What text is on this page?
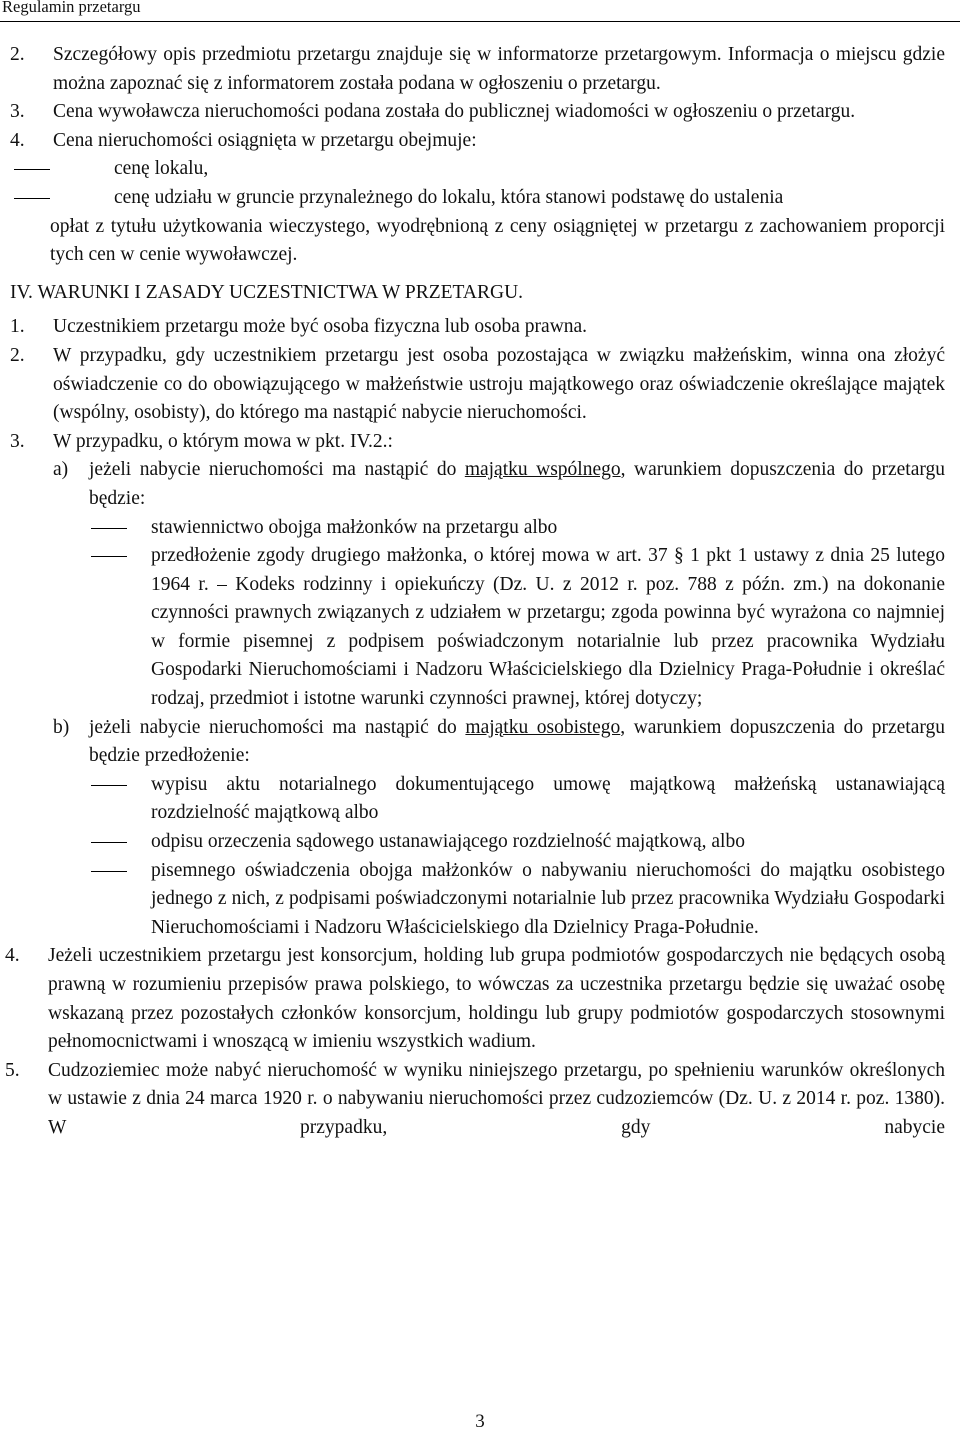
Regulamin przetargu

2. Szczegółowy opis przedmiotu przetargu znajduje się w informatorze przetargowym. Informacja o miejscu gdzie można zapoznać się z informatorem została podana w ogłoszeniu o przetargu.

3. Cena wywoławcza nieruchomości podana została do publicznej wiadomości w ogłoszeniu o przetargu.

4. Cena nieruchomości osiągnięta w przetargu obejmuje:

cenę lokalu,

cenę udziału w gruncie przynależnego do lokalu, która stanowi podstawę do ustalenia

opłat z tytułu użytkowania wieczystego, wyodrębnioną z ceny osiągniętej w przetargu z zachowaniem proporcji tych cen w cenie wywoławczej.

IV. WARUNKI I ZASADY UCZESTNICTWA W PRZETARGU.

1. Uczestnikiem przetargu może być osoba fizyczna lub osoba prawna.

2. W przypadku, gdy uczestnikiem przetargu jest osoba pozostająca w związku małżeńskim, winna ona złożyć oświadczenie co do obowiązującego w małżeństwie ustroju majątkowego oraz oświadczenie określające majątek (wspólny, osobisty), do którego ma nastąpić nabycie nieruchomości.

3. W przypadku, o którym mowa w pkt. IV.2.:

a) jeżeli nabycie nieruchomości ma nastąpić do majątku wspólnego, warunkiem dopuszczenia do przetargu będzie:

stawiennictwo obojga małżonków na przetargu albo

przedłożenie zgody drugiego małżonka, o której mowa w art. 37 § 1 pkt 1 ustawy z dnia 25 lutego 1964 r. – Kodeks rodzinny i opiekuńczy (Dz. U. z 2012 r. poz. 788 z późn. zm.) na dokonanie czynności prawnych związanych z udziałem w przetargu; zgoda powinna być wyrażona co najmniej w formie pisemnej z podpisem poświadczonym notarialnie lub przez pracownika Wydziału Gospodarki Nieruchomościami i Nadzoru Właścicielskiego dla Dzielnicy Praga-Południe i określać rodzaj, przedmiot i istotne warunki czynności prawnej, której dotyczy;

b) jeżeli nabycie nieruchomości ma nastąpić do majątku osobistego, warunkiem dopuszczenia do przetargu będzie przedłożenie:

wypisu aktu notarialnego dokumentującego umowę majątkową małżeńską ustanawiającą rozdzielność majątkową albo

odpisu orzeczenia sądowego ustanawiającego rozdzielność majątkową, albo

pisemnego oświadczenia obojga małżonków o nabywaniu nieruchomości do majątku osobistego jednego z nich, z podpisami poświadczonymi notarialnie lub przez pracownika Wydziału Gospodarki Nieruchomościami i Nadzoru Właścicielskiego dla Dzielnicy Praga-Południe.

4. Jeżeli uczestnikiem przetargu jest konsorcjum, holding lub grupa podmiotów gospodarczych nie będących osobą prawną w rozumieniu przepisów prawa polskiego, to wówczas za uczestnika przetargu będzie się uważać osobę wskazaną przez pozostałych członków konsorcjum, holdingu lub grupy podmiotów gospodarczych stosownymi pełnomocnictwami i wnoszącą w imieniu wszystkich wadium.

5. Cudzoziemiec może nabyć nieruchomość w wyniku niniejszego przetargu, po spełnieniu warunków określonych w ustawie z dnia 24 marca 1920 r. o nabywaniu nieruchomości przez cudzoziemców (Dz. U. z 2014 r. poz. 1380). W przypadku, gdy nabycie

3
